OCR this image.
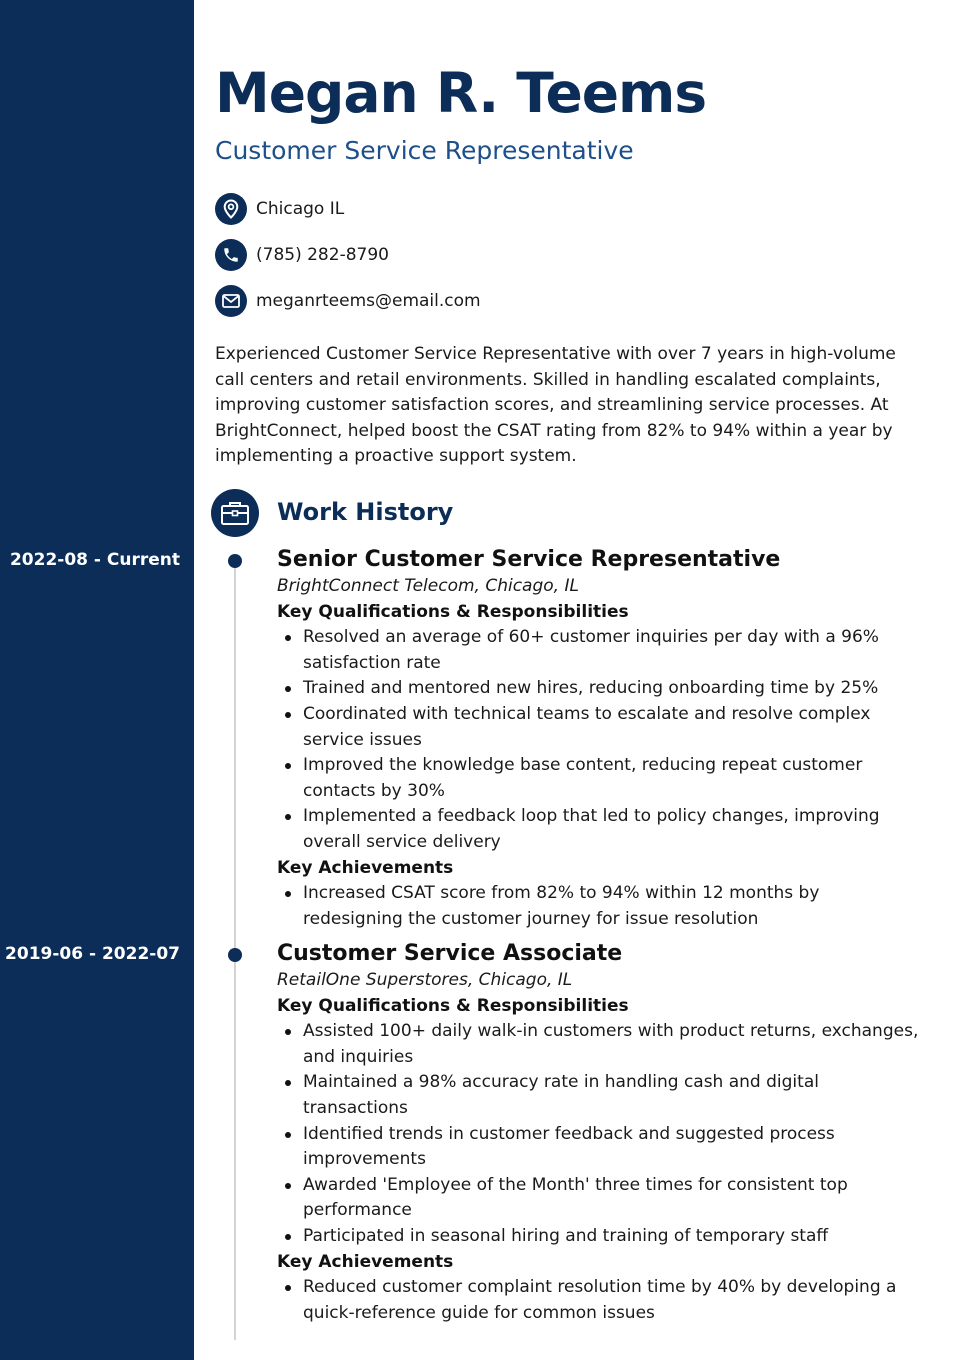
Megan R. Teems
Customer Service Representative
Chicago IL
(785) 282-8790
meganrteems@email.com

Experienced Customer Service Representative with over 7 years in high-volume call centers and retail environments. Skilled in handling escalated complaints, improving customer satisfaction scores, and streamlining service processes. At BrightConnect, helped boost the CSAT rating from 82% to 94% within a year by implementing a proactive support system.

Work History
2022-08 - Current	Senior Customer Service Representative
BrightConnect Telecom, Chicago, IL
Key Qualifications & Responsibilities
Resolved an average of 60+ customer inquiries per day with a 96% satisfaction rate
Trained and mentored new hires, reducing onboarding time by 25%
Coordinated with technical teams to escalate and resolve complex service issues
Improved the knowledge base content, reducing repeat customer contacts by 30%
Implemented a feedback loop that led to policy changes, improving overall service delivery
Key Achievements
Increased CSAT score from 82% to 94% within 12 months by redesigning the customer journey for issue resolution
2019-06 - 2022-07	Customer Service Associate
RetailOne Superstores, Chicago, IL
Key Qualifications & Responsibilities
Assisted 100+ daily walk-in customers with product returns, exchanges, and inquiries
Maintained a 98% accuracy rate in handling cash and digital transactions
Identified trends in customer feedback and suggested process improvements
Awarded 'Employee of the Month' three times for consistent top performance
Participated in seasonal hiring and training of temporary staff
Key Achievements
Reduced customer complaint resolution time by 40% by developing a quick-reference guide for common issues
